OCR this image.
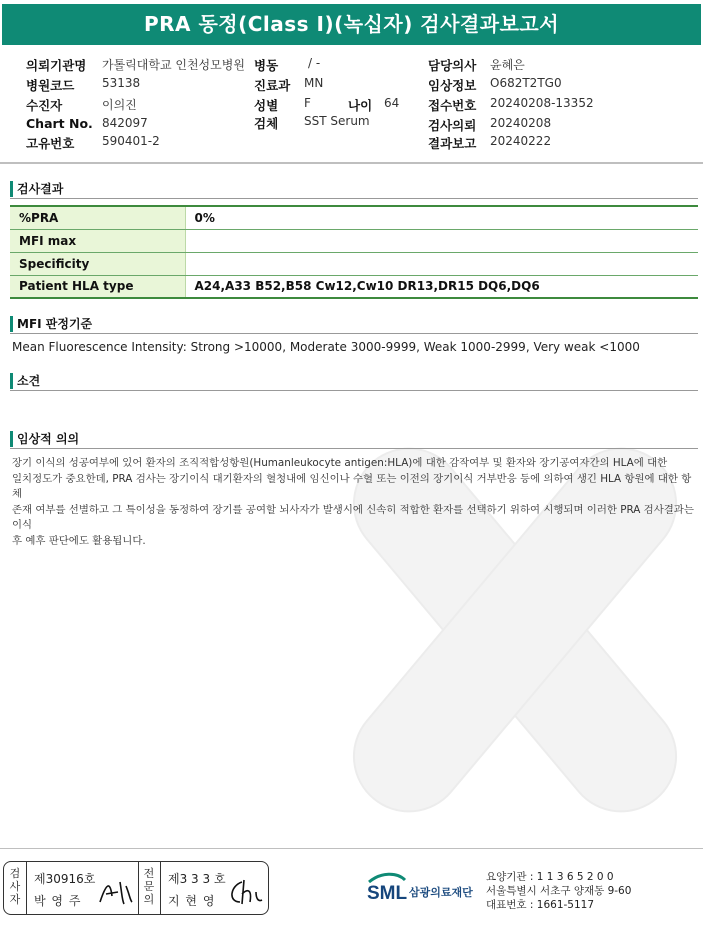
PRA 동정(Class I)(녹십자) 검사결과보고서
의뢰기관명 가톨릭대학교 인천성모병원 병동 / -	담당의사 윤혜은
병원코드 53138	진료과 MN	임상정보 O682T2TG0
수진자	이의진	성별 F	나이 64 접수번호 20240208-13352
Chart No. 842097	검체 SST Serum	검사의뢰 20240208
고유번호 590401-2	결과보고 20240222
검사결과
%PRA	0%
MFI max	
Specificity	
Patient HLA type	A24,A33 B52,B58 Cw12,Cw10 DR13,DR15 DQ6,DQ6
MFI 판정기준
Mean Fluorescence Intensity: Strong >10000, Moderate 3000-9999, Weak 1000-2999, Very weak <1000
소견
임상적 의의
장기 이식의 성공여부에 있어 환자의 조직적합성항원(Humanleukocyte antigen:HLA)에 대한 감작여부 및 환자와 장기공여자간의 HLA에 대한
일치정도가 중요한데, PRA 검사는 장기이식 대기환자의 혈청내에 임신이나 수혈 또는 이전의 장기이식 거부반응 등에 의하여 생긴 HLA 항원에 대한 항체
존재 여부를 선별하고 그 특이성을 동정하여 장기를 공여할 뇌사자가 발생시에 신속히 적합한 환자를 선택하기 위하여 시행되며 이러한 PRA 검사결과는 이식
후 예후 판단에도 활용됩니다.
검
사
자
제30916호
박 영 주
전
문
의
제3 3 3 호
지 현 영	SML 삼광의료재단
요양기관 : 1 1 3 6 5 2 0 0
서울특별시 서초구 양재동 9-60
대표번호 : 1661-5117
